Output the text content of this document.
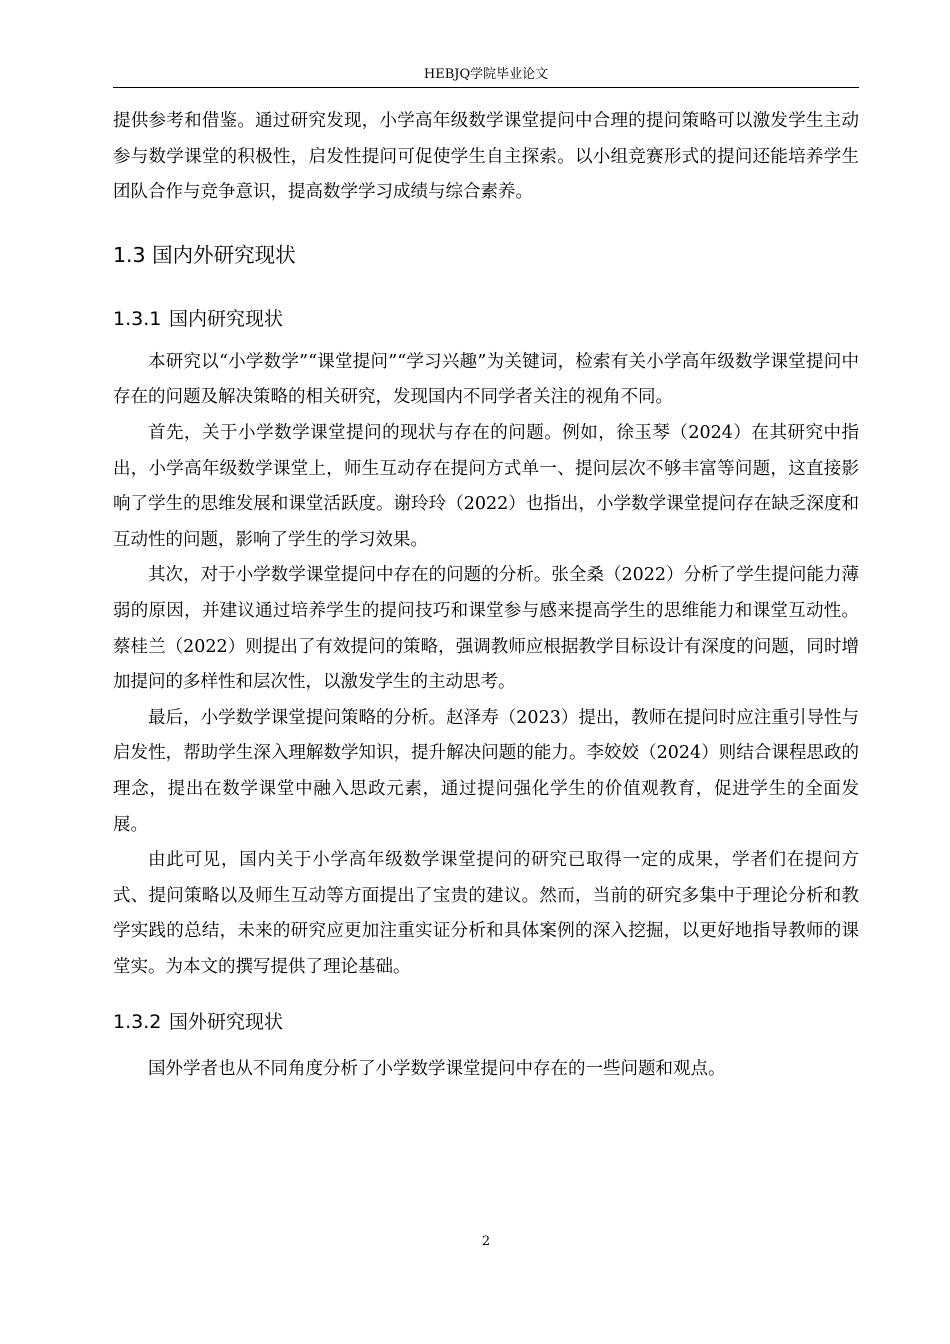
HEBJQ学院毕业论文

提供参考和借鉴。通过研究发现，小学高年级数学课堂提问中合理的提问策略可以激发学生主动参与数学课堂的积极性，启发性提问可促使学生自主探索。以小组竞赛形式的提问还能培养学生团队合作与竞争意识，提高数学学习成绩与综合素养。

1.3 国内外研究现状
1.3.1 国内研究现状

本研究以“小学数学”“课堂提问”“学习兴趣”为关键词，检索有关小学高年级数学课堂提问中存在的问题及解决策略的相关研究，发现国内不同学者关注的视角不同。

首先，关于小学数学课堂提问的现状与存在的问题。例如，徐玉琴（2024）在其研究中指出，小学高年级数学课堂上，师生互动存在提问方式单一、提问层次不够丰富等问题，这直接影响了学生的思维发展和课堂活跃度。谢玲玲（2022）也指出，小学数学课堂提问存在缺乏深度和互动性的问题，影响了学生的学习效果。

其次，对于小学数学课堂提问中存在的问题的分析。张全桑（2022）分析了学生提问能力薄弱的原因，并建议通过培养学生的提问技巧和课堂参与感来提高学生的思维能力和课堂互动性。蔡桂兰（2022）则提出了有效提问的策略，强调教师应根据教学目标设计有深度的问题，同时增加提问的多样性和层次性，以激发学生的主动思考。

最后，小学数学课堂提问策略的分析。赵泽寿（2023）提出，教师在提问时应注重引导性与启发性，帮助学生深入理解数学知识，提升解决问题的能力。李姣姣（2024）则结合课程思政的理念，提出在数学课堂中融入思政元素，通过提问强化学生的价值观教育，促进学生的全面发展。

由此可见，国内关于小学高年级数学课堂提问的研究已取得一定的成果，学者们在提问方式、提问策略以及师生互动等方面提出了宝贵的建议。然而，当前的研究多集中于理论分析和教学实践的总结，未来的研究应更加注重实证分析和具体案例的深入挖掘，以更好地指导教师的课堂实。为本文的撰写提供了理论基础。

1.3.2 国外研究现状

国外学者也从不同角度分析了小学数学课堂提问中存在的一些问题和观点。

2
